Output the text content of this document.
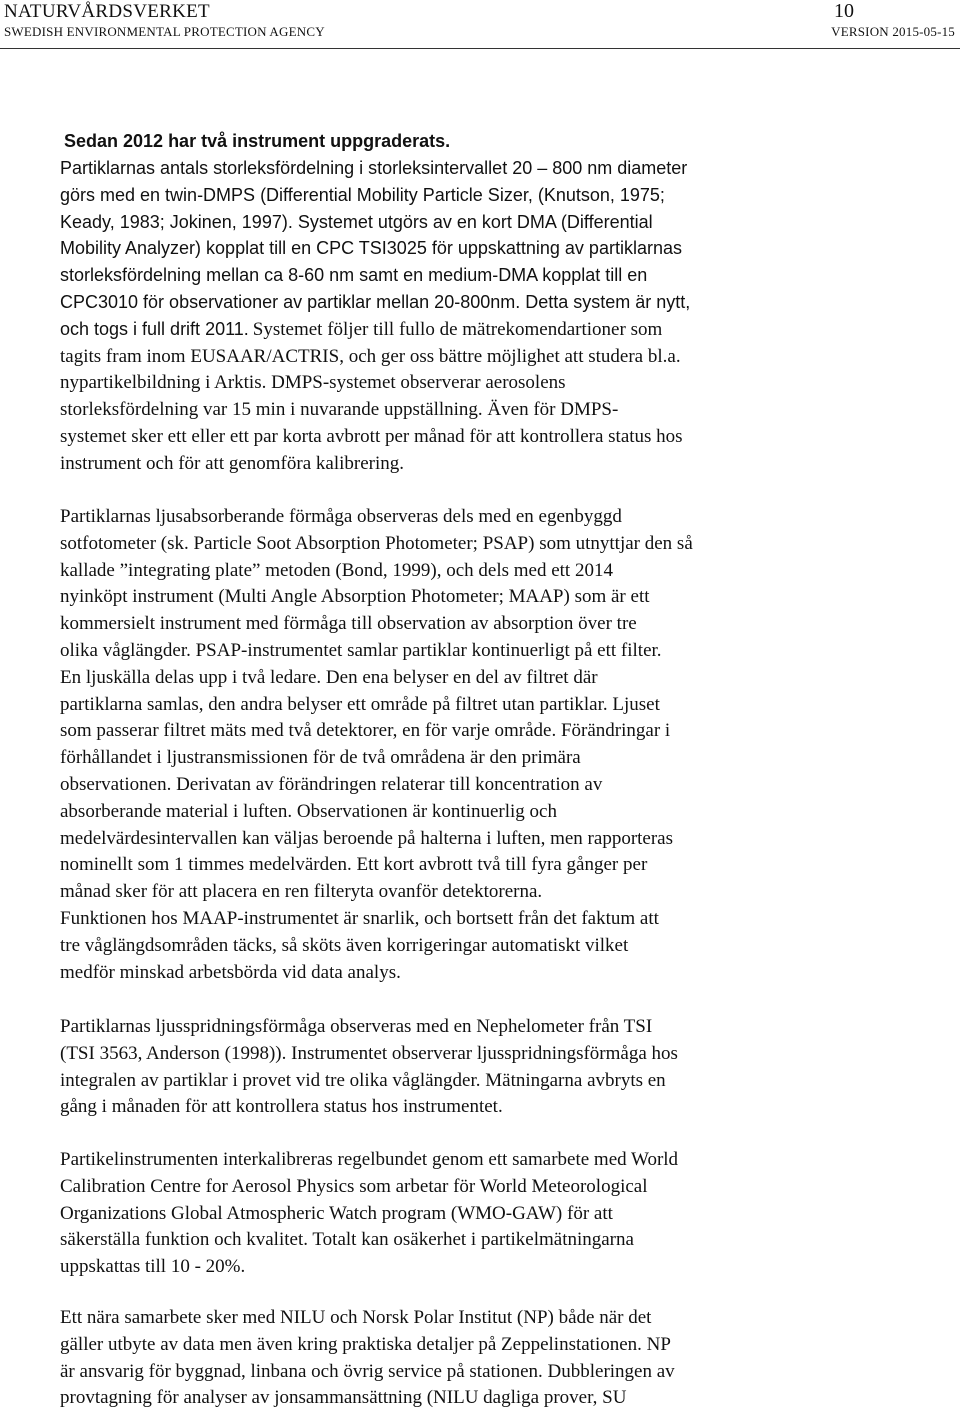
NATURVÅRDSVERKET
SWEDISH ENVIRONMENTAL PROTECTION AGENCY
10
VERSION 2015-05-15

Sedan 2012 har två instrument uppgraderats.

Partiklarnas antals storleksfördelning i storleksintervallet 20 – 800 nm diameter
görs med en twin-DMPS (Differential Mobility Particle Sizer, (Knutson, 1975;
Keady, 1983; Jokinen, 1997). Systemet utgörs av en kort DMA (Differential
Mobility Analyzer) kopplat till en CPC TSI3025 för uppskattning av partiklarnas
storleksfördelning mellan ca 8-60 nm samt en medium-DMA kopplat till en
CPC3010 för observationer av partiklar mellan 20-800nm. Detta system är nytt,
och togs i full drift 2011. Systemet följer till fullo de mätrekomendartioner som
tagits fram inom EUSAAR/ACTRIS, och ger oss bättre möjlighet att studera bl.a.
nypartikelbildning i Arktis. DMPS-systemet observerar aerosolens
storleksfördelning var 15 min i nuvarande uppställning. Även för DMPS-
systemet sker ett eller ett par korta avbrott per månad för att kontrollera status hos
instrument och för att genomföra kalibrering.

Partiklarnas ljusabsorberande förmåga observeras dels med en egenbyggd
sotfotometer (sk. Particle Soot Absorption Photometer; PSAP) som utnyttjar den så
kallade ”integrating plate” metoden (Bond, 1999), och dels med ett 2014
nyinköpt instrument (Multi Angle Absorption Photometer; MAAP) som är ett
kommersielt instrument med förmåga till observation av absorption över tre
olika våglängder. PSAP-instrumentet samlar partiklar kontinuerligt på ett filter.
En ljuskälla delas upp i två ledare. Den ena belyser en del av filtret där
partiklarna samlas, den andra belyser ett område på filtret utan partiklar. Ljuset
som passerar filtret mäts med två detektorer, en för varje område. Förändringar i
förhållandet i ljustransmissionen för de två områdena är den primära
observationen. Derivatan av förändringen relaterar till koncentration av
absorberande material i luften. Observationen är kontinuerlig och
medelvärdesintervallen kan väljas beroende på halterna i luften, men rapporteras
nominellt som 1 timmes medelvärden. Ett kort avbrott två till fyra gånger per
månad sker för att placera en ren filteryta ovanför detektorerna.
Funktionen hos MAAP-instrumentet är snarlik, och bortsett från det faktum att
tre våglängdsområden täcks, så sköts även korrigeringar automatiskt vilket
medför minskad arbetsbörda vid data analys.

Partiklarnas ljusspridningsförmåga observeras med en Nephelometer från TSI
(TSI 3563, Anderson (1998)). Instrumentet observerar ljusspridningsförmåga hos
integralen av partiklar i provet vid tre olika våglängder. Mätningarna avbryts en
gång i månaden för att kontrollera status hos instrumentet.

Partikelinstrumenten interkalibreras regelbundet genom ett samarbete med World
Calibration Centre for Aerosol Physics som arbetar för World Meteorological
Organizations Global Atmospheric Watch program (WMO-GAW) för att
säkerställa funktion och kvalitet. Totalt kan osäkerhet i partikelmätningarna
uppskattas till 10 - 20%.

Ett nära samarbete sker med NILU och Norsk Polar Institut (NP) både när det
gäller utbyte av data men även kring praktiska detaljer på Zeppelinstationen. NP
är ansvarig för byggnad, linbana och övrig service på stationen. Dubbleringen av
provtagning för analyser av jonsammansättning (NILU dagliga prover, SU
